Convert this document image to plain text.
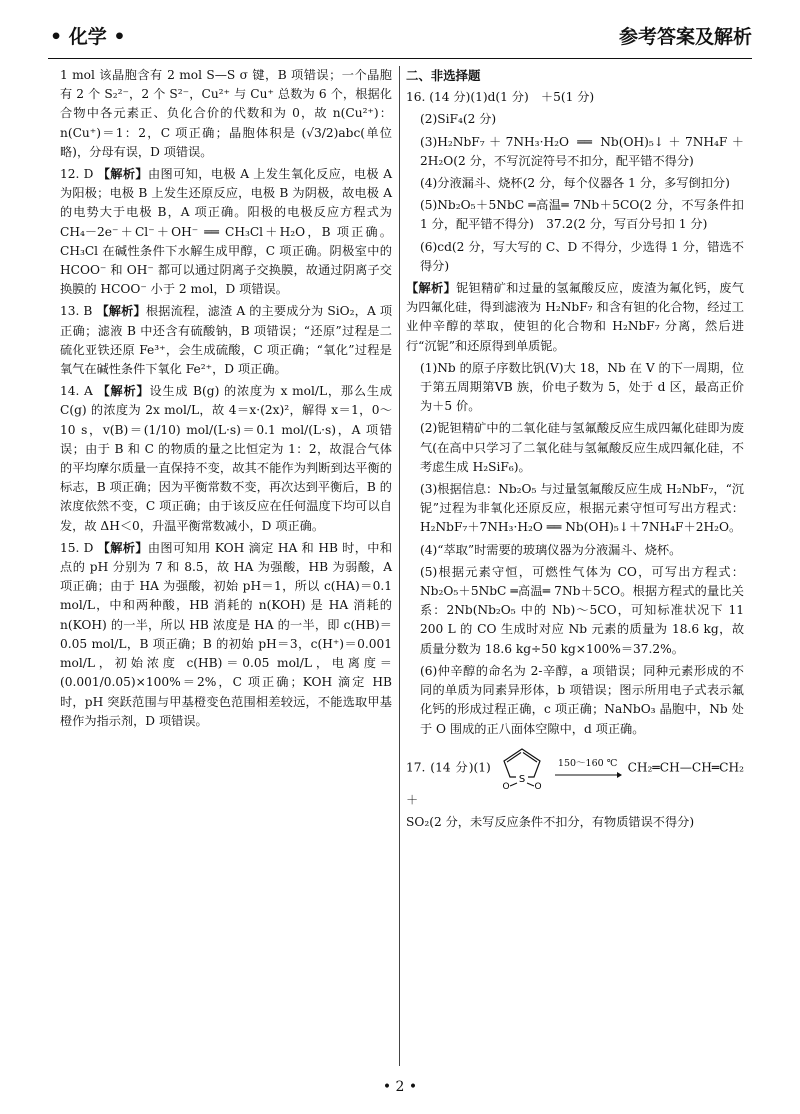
• 化学 •	参考答案及解析

1 mol 该晶胞含有 2 mol S—S σ 键，B 项错误；一个晶胞有 2 个 S₂²⁻，2 个 S²⁻，Cu²⁺ 与 Cu⁺ 总数为 6 个，根据化合物中各元素正、负化合价的代数和为 0，故 n(Cu²⁺)：n(Cu⁺)＝1：2，C 项正确；晶胞体积是 (√3/2)abc(单位略)，分母有误，D 项错误。

12. D 【解析】由图可知，电极 A 上发生氧化反应，电极 A 为阳极；电极 B 上发生还原反应，电极 B 为阴极，故电极 A 的电势大于电极 B，A 项正确。阳极的电极反应方程式为 CH₄－2e⁻＋Cl⁻＋OH⁻ ══ CH₃Cl＋H₂O，B 项正确。CH₃Cl 在碱性条件下水解生成甲醇，C 项正确。阴极室中的 HCOO⁻ 和 OH⁻ 都可以通过阴离子交换膜，故通过阴离子交换膜的 HCOO⁻ 小于 2 mol，D 项错误。

13. B 【解析】根据流程，滤渣 A 的主要成分为 SiO₂，A 项正确；滤液 B 中还含有硫酸钠，B 项错误；“还原”过程是二硫化亚铁还原 Fe³⁺，会生成硫酸，C 项正确；“氧化”过程是氧气在碱性条件下氧化 Fe²⁺，D 项正确。

14. A 【解析】设生成 B(g) 的浓度为 x mol/L，那么生成 C(g) 的浓度为 2x mol/L，故 4＝x·(2x)²，解得 x＝1，0～10 s，v(B)＝(1/10) mol/(L·s)＝0.1 mol/(L·s)，A 项错误；由于 B 和 C 的物质的量之比恒定为 1：2，故混合气体的平均摩尔质量一直保持不变，故其不能作为判断到达平衡的标志，B 项正确；因为平衡常数不变，再次达到平衡后，B 的浓度依然不变，C 项正确；由于该反应在任何温度下均可以自发，故 ΔH＜0，升温平衡常数减小，D 项正确。

15. D 【解析】由图可知用 KOH 滴定 HA 和 HB 时，中和点的 pH 分别为 7 和 8.5，故 HA 为强酸，HB 为弱酸，A 项正确；由于 HA 为强酸，初始 pH＝1，所以 c(HA)＝0.1 mol/L，中和两种酸，HB 消耗的 n(KOH) 是 HA 消耗的 n(KOH) 的一半，所以 HB 浓度是 HA 的一半，即 c(HB)＝0.05 mol/L，B 项正确；B 的初始 pH＝3，c(H⁺)＝0.001 mol/L，初始浓度 c(HB)＝0.05 mol/L，电离度＝(0.001/0.05)×100%＝2%，C 项正确；KOH 滴定 HB 时，pH 突跃范围与甲基橙变色范围相差较远，不能选取甲基橙作为指示剂，D 项错误。

二、非选择题

16. (14 分)(1)d(1 分)　＋5(1 分)

(2)SiF₄(2 分)

(3)H₂NbF₇＋7NH₃·H₂O ══ Nb(OH)₅↓＋7NH₄F＋2H₂O(2 分，不写沉淀符号不扣分，配平错不得分)

(4)分液漏斗、烧杯(2 分，每个仪器各 1 分，多写倒扣分)

(5)Nb₂O₅＋5NbC ═高温═ 7Nb＋5CO(2 分，不写条件扣 1 分，配平错不得分)　37.2(2 分，写百分号扣 1 分)

(6)cd(2 分，写大写的 C、D 不得分，少选得 1 分，错选不得分)

【解析】铌钽精矿和过量的氢氟酸反应，废渣为氟化钙，废气为四氟化硅，得到滤液为 H₂NbF₇ 和含有钽的化合物，经过工业仲辛醇的萃取，使钽的化合物和 H₂NbF₇ 分离，然后进行“沉铌”和还原得到单质铌。

(1)Nb 的原子序数比钒(V)大 18，Nb 在 V 的下一周期，位于第五周期第ⅤB 族，价电子数为 5，处于 d 区，最高正价为＋5 价。

(2)铌钽精矿中的二氧化硅与氢氟酸反应生成四氟化硅即为废气(在高中只学习了二氧化硅与氢氟酸反应生成四氟化硅，不考虑生成 H₂SiF₆)。

(3)根据信息：Nb₂O₅ 与过量氢氟酸反应生成 H₂NbF₇，“沉铌”过程为非氧化还原反应，根据元素守恒可写出方程式：H₂NbF₇＋7NH₃·H₂O ══ Nb(OH)₅↓＋7NH₄F＋2H₂O。

(4)“萃取”时需要的玻璃仪器为分液漏斗、烧杯。

(5)根据元素守恒，可燃性气体为 CO，可写出方程式：Nb₂O₅＋5NbC ═高温═ 7Nb＋5CO。根据方程式的量比关系：2Nb(Nb₂O₅ 中的 Nb)～5CO，可知标准状况下 11 200 L 的 CO 生成时对应 Nb 元素的质量为 18.6 kg，故质量分数为 18.6 kg÷50 kg×100%＝37.2%。

(6)仲辛醇的命名为 2-辛醇，a 项错误；同种元素形成的不同的单质为同素异形体，b 项错误；图示所用电子式表示氟化钙的形成过程正确，c 项正确；NaNbO₃ 晶胞中，Nb 处于 O 围成的正八面体空隙中，d 项正确。

17. (14 分)(1)
S
O	O

150～160 ℃ CH₂═CH—CH═CH₂ ＋

SO₂(2 分，未写反应条件不扣分，有物质错误不得分)

• 2 •
